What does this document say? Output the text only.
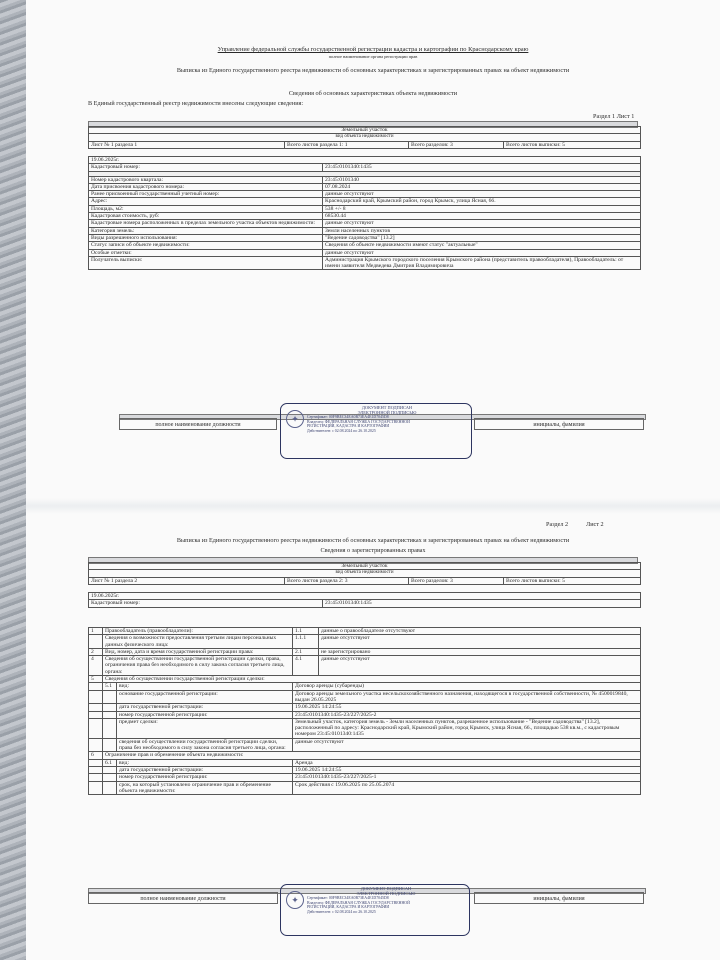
Управление федеральной службы государственной регистрации кадастра и картографии по Краснодарскому краю
полное наименование органа регистрации прав
Выписка из Единого государственного реестра недвижимости об основных характеристиках и зарегистрированных правах на объект недвижимости
Сведения об основных характеристиках объекта недвижимости
В Единый государственный реестр недвижимости внесены следующие сведения:
Раздел 1 Лист 1
Земельный участок
вид объекта недвижимости
Лист № 1 раздела 1	Всего листов раздела 1: 1	Всего разделов: 3	Всего листов выписки: 5
19.06.2025г.	
Кадастровый номер:	23:45:0101340:1435

Номер кадастрового квартала:	23:45:0101340
Дата присвоения кадастрового номера:	07.08.2024
Ранее присвоенный государственный учетный номер:	данные отсутствуют
Адрес:	Краснодарский край, Крымский район, город Крымск, улица Ясная, 66.
Площадь, м2:	538 +/- 8
Кадастровая стоимость, руб:	68530.44
Кадастровые номера расположенных в пределах земельного участка объектов недвижимости:	данные отсутствуют
Категория земель:	Земли населенных пунктов
Виды разрешенного использования:	"Ведение садоводства" [13.2]
Статус записи об объекте недвижимости:	Сведения об объекте недвижимости имеют статус "актуальные"
Особые отметки:	данные отсутствуют
Получатель выписки:	Администрация Крымского городского поселения Крымского района (представитель правообладателя), Правообладатель: от имени заявителя Медведева Дмитрия Владимировича
полное наименование должности	инициалы, фамилия
✦
ДОКУМЕНТ ПОДПИСАН
ЭЛЕКТРОННОЙ ПОДПИСЬЮ
Сертификат: 00F9BEC34EA0B73EA4E1D7045D8
Владелец: ФЕДЕРАЛЬНАЯ СЛУЖБА ГОСУДАРСТВЕННОЙ
РЕГИСТРАЦИИ, КАДАСТРА И КАРТОГРАФИИ
Действителен: с 02.08.2024 по 26.10.2025
Раздел 2	Лист 2
Выписка из Единого государственного реестра недвижимости об основных характеристиках и зарегистрированных правах на объект недвижимости
Сведения о зарегистрированных правах
Земельный участок
вид объекта недвижимости
Лист № 1 раздела 2	Всего листов раздела 2: 3	Всего разделов: 3	Всего листов выписки: 5
19.06.2025г.
Кадастровый номер:	23:45:0101340:1435
1	Правообладатель (правообладатели):		1.1	данные о правообладателе отсутствуют
	Сведения о возможности предоставления третьим лицам персональных данных физического лица:		1.1.1	данные отсутствуют
2	Вид, номер, дата и время государственной регистрации права:		2.1	не зарегистрировано
4	Сведения об осуществлении государственной регистрации сделки, права, ограничения права без необходимого в силу закона согласия третьего лица, органа:		4.1	данные отсутствуют
5	Сведения об осуществлении государственной регистрации сделки:			
	5.1	вид:	Договор аренды (субаренды)	
		основание государственной регистрации:	Договор аренды земельного участка несельскохозяйственного назначения, находящегося в государственной собственности, № 4500019840, выдан 26.05.2025	
		дата государственной регистрации:	19.06.2025 14:24:55	
		номер государственной регистрации:	23:45:0101340:1435-23/227/2025-2	
		предмет сделки:	Земельный участок, категория земель - Земли населенных пунктов, разрешенное использование - "Ведение садоводства" [13.2], расположенный по адресу: Краснодарский край, Крымский район, город Крымск, улица Ясная, 66., площадью 538 кв.м., с кадастровым номером 23:45:0101340:1435	
		сведения об осуществлении государственной регистрации сделки, права без необходимого в силу закона согласия третьего лица, органа:	данные отсутствуют	
6	Ограничение прав и обременение объекта недвижимости:			
	6.1	вид:	Аренда	
		дата государственной регистрации:	19.06.2025 14:24:55	
		номер государственной регистрации:	23:45:0101340:1435-23/227/2025-1	
		срок, на который установлено ограничение прав и обременение объекта недвижимости:	Срок действия с 19.06.2025 по 25.05.2074	
полное наименование должности	инициалы, фамилия
✦
ДОКУМЕНТ ПОДПИСАН
ЭЛЕКТРОННОЙ ПОДПИСЬЮ
Сертификат: 00F9BEC34EA0B73EA4E1D7045D8
Владелец: ФЕДЕРАЛЬНАЯ СЛУЖБА ГОСУДАРСТВЕННОЙ
РЕГИСТРАЦИИ, КАДАСТРА И КАРТОГРАФИИ
Действителен: с 02.08.2024 по 26.10.2025
